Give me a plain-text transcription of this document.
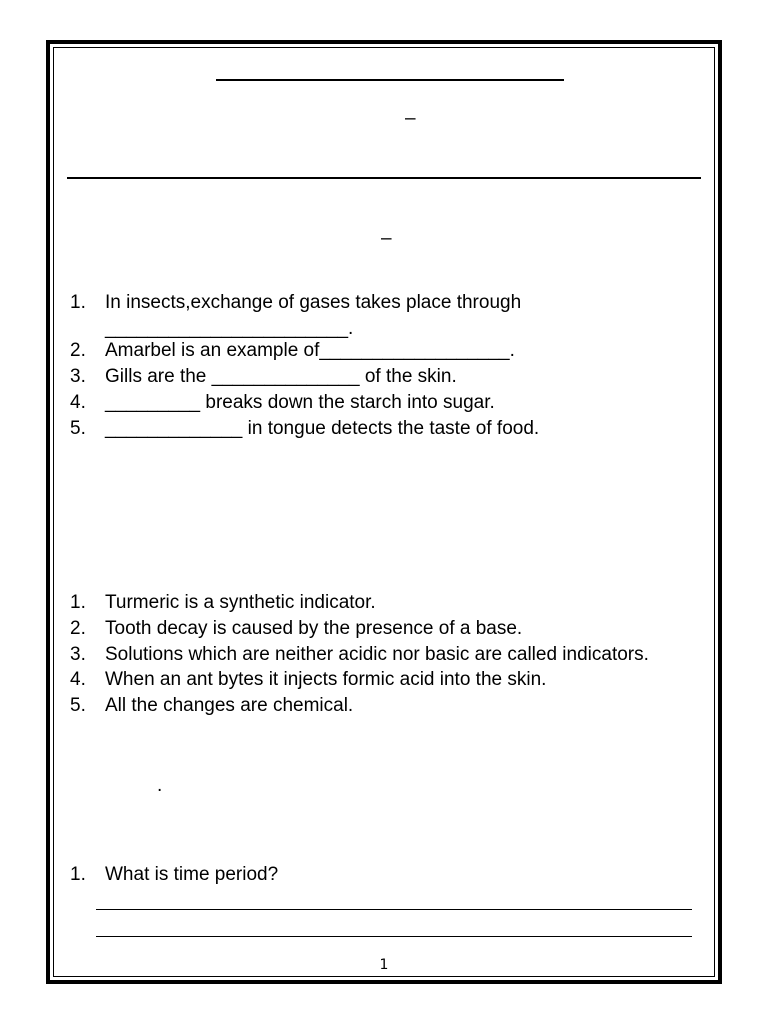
–
–
1. In insects,exchange of gases takes place through
_______________________.
2. Amarbel is an example of__________________.
3. Gills are the ______________ of the skin.
4. _________ breaks down the starch into sugar.
5. _____________ in tongue detects the taste of food.
1. Turmeric is a synthetic indicator.
2. Tooth decay is caused by the presence of a base.
3. Solutions which are neither acidic nor basic are called indicators.
4. When an ant bytes it injects formic acid into the skin.
5. All the changes are chemical.
.
1. What is time period?
1
